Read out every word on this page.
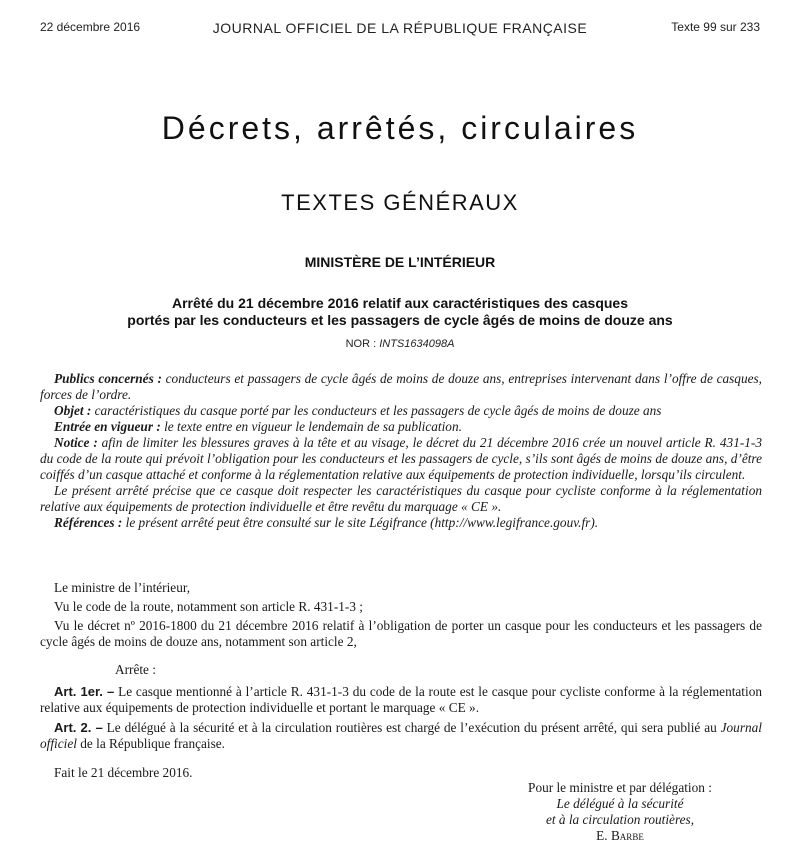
JOURNAL OFFICIEL DE LA RÉPUBLIQUE FRANÇAISE
22 décembre 2016	Texte 99 sur 233
Décrets, arrêtés, circulaires
TEXTES GÉNÉRAUX
MINISTÈRE DE L’INTÉRIEUR
Arrêté du 21 décembre 2016 relatif aux caractéristiques des casques
portés par les conducteurs et les passagers de cycle âgés de moins de douze ans
NOR : INTS1634098A

Publics concernés : conducteurs et passagers de cycle âgés de moins de douze ans, entreprises intervenant dans l’offre de casques, forces de l’ordre.

Objet : caractéristiques du casque porté par les conducteurs et les passagers de cycle âgés de moins de douze ans

Entrée en vigueur : le texte entre en vigueur le lendemain de sa publication.

Notice : afin de limiter les blessures graves à la tête et au visage, le décret du 21 décembre 2016 crée un nouvel article R. 431-1-3 du code de la route qui prévoit l’obligation pour les conducteurs et les passagers de cycle, s’ils sont âgés de moins de douze ans, d’être coiffés d’un casque attaché et conforme à la réglementation relative aux équipements de protection individuelle, lorsqu’ils circulent.

Le présent arrêté précise que ce casque doit respecter les caractéristiques du casque pour cycliste conforme à la réglementation relative aux équipements de protection individuelle et être revêtu du marquage « CE ».

Références : le présent arrêté peut être consulté sur le site Légifrance (http://www.legifrance.gouv.fr).

Le ministre de l’intérieur,

Vu le code de la route, notamment son article R. 431-1-3 ;

Vu le décret nº 2016-1800 du 21 décembre 2016 relatif à l’obligation de porter un casque pour les conducteurs et les passagers de cycle âgés de moins de douze ans, notamment son article 2,

Arrête :

Art. 1er. – Le casque mentionné à l’article R. 431-1-3 du code de la route est le casque pour cycliste conforme à la réglementation relative aux équipements de protection individuelle et portant le marquage « CE ».

Art. 2. – Le délégué à la sécurité et à la circulation routières est chargé de l’exécution du présent arrêté, qui sera publié au Journal officiel de la République française.

Fait le 21 décembre 2016.
Pour le ministre et par délégation :
Le délégué à la sécurité
et à la circulation routières,
E. Barbe
